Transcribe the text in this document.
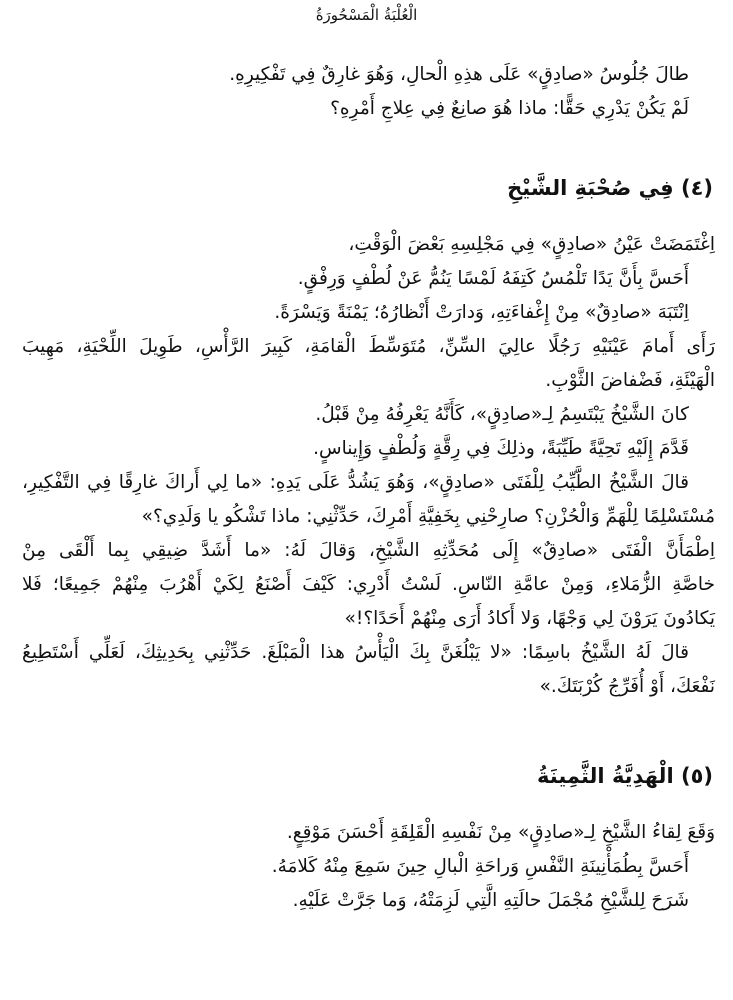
الْعُلْبَةُ الْمَسْحُورَةُ

طالَ جُلُوسُ «صادِقٍ» عَلَى هذِهِ الْحالِ، وَهُوَ غارِقٌ فِي تَفْكِيرِهِ.

لَمْ يَكُنْ يَدْرِي حَقًّا: ماذا هُوَ صانِعٌ فِي عِلاجِ أَمْرِهِ؟

(٤) فِي صُحْبَةِ الشَّيْخِ

اِغْتَمَضَتْ عَيْنُ «صادِقٍ» فِي مَجْلِسِهِ بَعْضَ الْوَقْتِ،

أَحَسَّ بِأَنَّ يَدًا تَلْمُسُ كَتِفَهُ لَمْسًا يَنُمُّ عَنْ لُطْفٍ وَرِفْقٍ.

اِنْتَبَهَ «صادِقٌ» مِنْ إِغْفاءَتِهِ، وَدارَتْ أَنْظارُهُ؛ يَمْنَةً وَيَسْرَةً.

رَأَى أَمامَ عَيْنَيْهِ رَجُلًا عالِيَ السِّنِّ، مُتَوَسِّطَ الْقامَةِ، كَبِيرَ الرَّأْسِ، طَوِيلَ اللِّحْيَةِ، مَهِيبَ

الْهَيْئَةِ، فَضْفاضَ الثَّوْبِ.

كانَ الشَّيْخُ يَبْتَسِمُ لِـ«صادِقٍ»، كَأَنَّهُ يَعْرِفُهُ مِنْ قَبْلُ.

قَدَّمَ إِلَيْهِ تَحِيَّةً طَيِّبَةً، وذلِكَ فِي رِقَّةٍ وَلُطْفٍ وَإِيناسٍ.

قالَ الشَّيْخُ الطَّيِّبُ لِلْفَتَى «صادِقٍ»، وَهُوَ يَشُدُّ عَلَى يَدِهِ: «ما لِي أَراكَ غارِقًا فِي التَّفْكِيرِ،

مُسْتَسْلِمًا لِلْهَمِّ وَالْحُزْنِ؟ صارِحْنِي بِخَفِيَّةِ أَمْرِكَ، حَدِّثْنِي: ماذا تَشْكُو يا وَلَدِي؟»

اِطْمَأَنَّ الْفَتَى «صادِقٌ» إِلَى مُحَدِّثِهِ الشَّيْخِ، وَقالَ لَهُ: «ما أَشَدَّ ضِيقِي بِما أَلْقَى مِنْ

خاصَّةِ الزُّمَلاءِ، وَمِنْ عامَّةِ النّاسِ. لَسْتُ أَدْرِي: كَيْفَ أَصْنَعُ لِكَيْ أَهْرُبَ مِنْهُمْ جَمِيعًا؛ فَلا

يَكادُونَ يَرَوْنَ لِي وَجْهًا، وَلا أَكادُ أَرَى مِنْهُمْ أَحَدًا؟!»

قالَ لَهُ الشَّيْخُ باسِمًا: «لا يَبْلُغَنَّ بِكَ الْيَأْسُ هذا الْمَبْلَغَ. حَدِّثْنِي بِحَدِيثِكَ، لَعَلِّي أَسْتَطِيعُ

نَفْعَكَ، أَوْ أُفَرِّجُ كُرْبَتَكَ.»

(٥) الْهَدِيَّةُ الثَّمِينَةُ

وَقَعَ لِقاءُ الشَّيْخِ لِـ«صادِقٍ» مِنْ نَفْسِهِ الْقَلِقَةِ أَحْسَنَ مَوْقِعٍ.

أَحَسَّ بِطُمَأْنِينَةِ النَّفْسِ وَراحَةِ الْبالِ حِينَ سَمِعَ مِنْهُ كَلامَهُ.

شَرَحَ لِلشَّيْخِ مُجْمَلَ حالَتِهِ الَّتِي لَزِمَتْهُ، وَما جَرَّتْ عَلَيْهِ.
